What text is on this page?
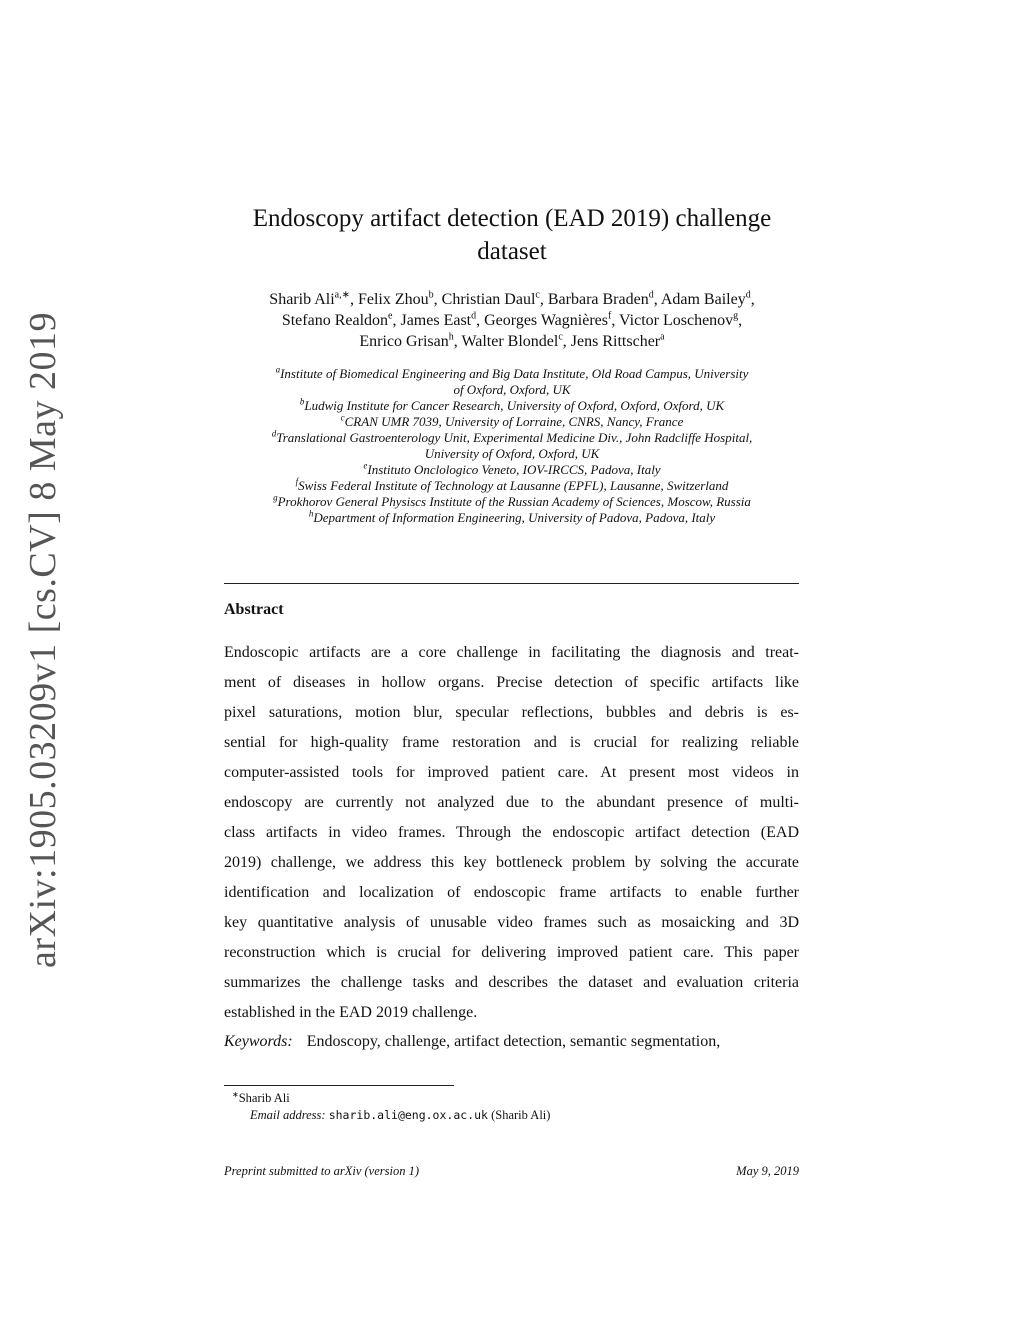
arXiv:1905.03209v1 [cs.CV] 8 May 2019
Endoscopy artifact detection (EAD 2019) challenge
dataset
Sharib Ali$^{a,∗}$, Felix Zhou$^b$, Christian Daul$^c$, Barbara Braden$^d$, Adam Bailey$^d$,
Stefano Realdon$^e$, James East$^d$, Georges Wagnières$^f$, Victor Loschenov$^g$,
Enrico Grisan$^h$, Walter Blondel$^c$, Jens Rittscher$^a$
$^a$Institute of Biomedical Engineering and Big Data Institute, Old Road Campus, University
of Oxford, Oxford, UK
$^b$Ludwig Institute for Cancer Research, University of Oxford, Oxford, Oxford, UK
$^c$CRAN UMR 7039, University of Lorraine, CNRS, Nancy, France
$^d$Translational Gastroenterology Unit, Experimental Medicine Div., John Radcliffe Hospital,
University of Oxford, Oxford, UK
$^e$Instituto Onclologico Veneto, IOV-IRCCS, Padova, Italy
$^f$Swiss Federal Institute of Technology at Lausanne (EPFL), Lausanne, Switzerland
$^g$Prokhorov General Physiscs Institute of the Russian Academy of Sciences, Moscow, Russia
$^h$Department of Information Engineering, University of Padova, Padova, Italy
Abstract
Endoscopic artifacts are a core challenge in facilitating the diagnosis and treat-
ment of diseases in hollow organs. Precise detection of specific artifacts like
pixel saturations, motion blur, specular reflections, bubbles and debris is es-
sential for high-quality frame restoration and is crucial for realizing reliable
computer-assisted tools for improved patient care. At present most videos in
endoscopy are currently not analyzed due to the abundant presence of multi-
class artifacts in video frames. Through the endoscopic artifact detection (EAD
2019) challenge, we address this key bottleneck problem by solving the accurate
identification and localization of endoscopic frame artifacts to enable further
key quantitative analysis of unusable video frames such as mosaicking and 3D
reconstruction which is crucial for delivering improved patient care. This paper
summarizes the challenge tasks and describes the dataset and evaluation criteria
established in the EAD 2019 challenge.
Keywords: Endoscopy, challenge, artifact detection, semantic segmentation,
∗Sharib Ali
Email address: sharib.ali@eng.ox.ac.uk (Sharib Ali)
Preprint submitted to arXiv (version 1)	May 9, 2019
